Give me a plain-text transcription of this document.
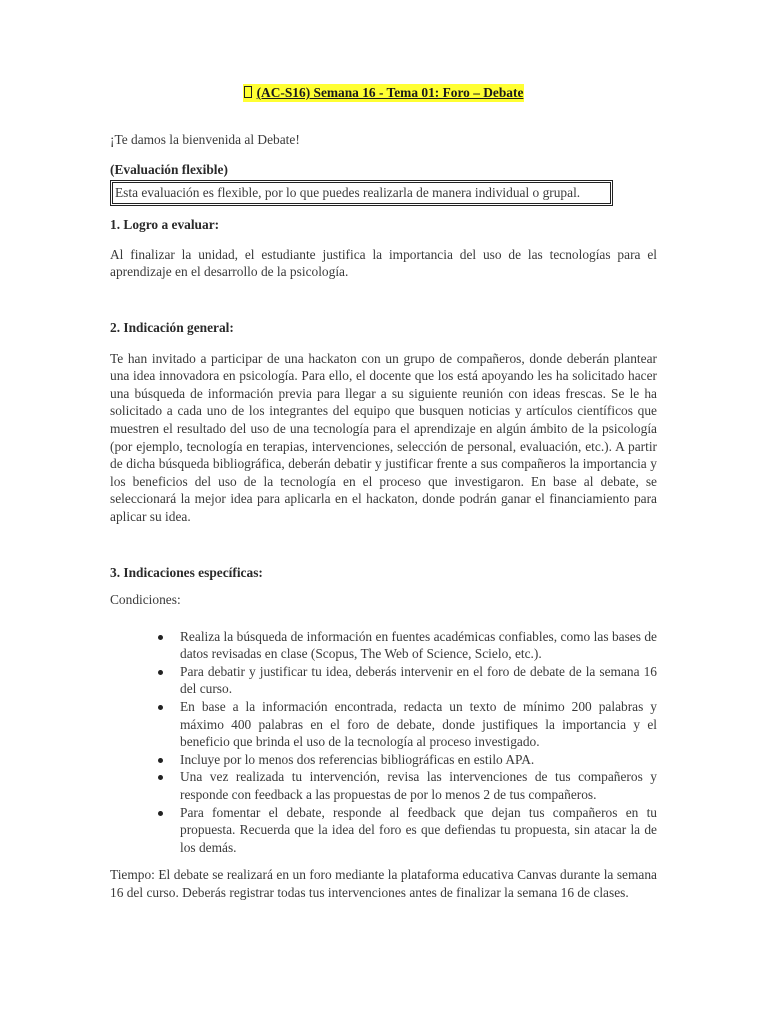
(AC-S16) Semana 16 - Tema 01: Foro – Debate

¡Te damos la bienvenida al Debate!

(Evaluación flexible)

Esta evaluación es flexible, por lo que puedes realizarla de manera individual o grupal.

1. Logro a evaluar:

Al finalizar la unidad, el estudiante justifica la importancia del uso de las tecnologías para el aprendizaje en el desarrollo de la psicología.

2. Indicación general:

Te han invitado a participar de una hackaton con un grupo de compañeros, donde deberán plantear una idea innovadora en psicología. Para ello, el docente que los está apoyando les ha solicitado hacer una búsqueda de información previa para llegar a su siguiente reunión con ideas frescas. Se le ha solicitado a cada uno de los integrantes del equipo que busquen noticias y artículos científicos que muestren el resultado del uso de una tecnología para el aprendizaje en algún ámbito de la psicología (por ejemplo, tecnología en terapias, intervenciones, selección de personal, evaluación, etc.). A partir de dicha búsqueda bibliográfica, deberán debatir y justificar frente a sus compañeros la importancia y los beneficios del uso de la tecnología en el proceso que investigaron. En base al debate, se seleccionará la mejor idea para aplicarla en el hackaton, donde podrán ganar el financiamiento para aplicar su idea.

3. Indicaciones específicas:

Condiciones:

Realiza la búsqueda de información en fuentes académicas confiables, como las bases de datos revisadas en clase (Scopus, The Web of Science, Scielo, etc.).
Para debatir y justificar tu idea, deberás intervenir en el foro de debate de la semana 16 del curso.
En base a la información encontrada, redacta un texto de mínimo 200 palabras y máximo 400 palabras en el foro de debate, donde justifiques la importancia y el beneficio que brinda el uso de la tecnología al proceso investigado.
Incluye por lo menos dos referencias bibliográficas en estilo APA.
Una vez realizada tu intervención, revisa las intervenciones de tus compañeros y responde con feedback a las propuestas de por lo menos 2 de tus compañeros.
Para fomentar el debate, responde al feedback que dejan tus compañeros en tu propuesta. Recuerda que la idea del foro es que defiendas tu propuesta, sin atacar la de los demás.

Tiempo: El debate se realizará en un foro mediante la plataforma educativa Canvas durante la semana 16 del curso. Deberás registrar todas tus intervenciones antes de finalizar la semana 16 de clases.
